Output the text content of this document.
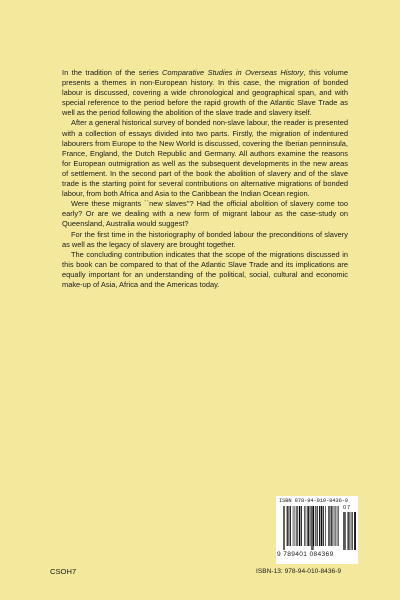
In the tradition of the series Comparative Studies in Overseas History, this volume presents a themes in non-European history. In this case, the migration of bonded labour is discussed, covering a wide chronological and geographical span, and with special reference to the period before the rapid growth of the Atlantic Slave Trade as well as the period following the abolition of the slave trade and slavery itself.

After a general historical survey of bonded non-slave labour, the reader is presented with a collection of essays divided into two parts. Firstly, the migration of indentured labourers from Europe to the New World is discussed, covering the Iberian penninsula, France, England, the Dutch Republic and Germany. All authors examine the reasons for European outmigration as well as the subsequent developments in the new areas of settlement. In the second part of the book the abolition of slavery and of the slave trade is the starting point for several contributions on alternative migrations of bonded labour, from both Africa and Asia to the Caribbean the Indian Ocean region.

Were these migrants ``new slaves''? Had the official abolition of slavery come too early? Or are we dealing with a new form of migrant labour as the case-study on Queensland, Australia would suggest?

For the first time in the historiography of bonded labour the preconditions of slavery as well as the legacy of slavery are brought together.

The concluding contribution indicates that the scope of the migrations discussed in this book can be compared to that of the Atlantic Slave Trade and its implications are equally important for an understanding of the political, social, cultural and economic make-up of Asia, Africa and the Americas today.

ISBN 978-94-010-8436-9
07
9 789401 084369
ISBN-13: 978-94-010-8436-9
CSOH7
